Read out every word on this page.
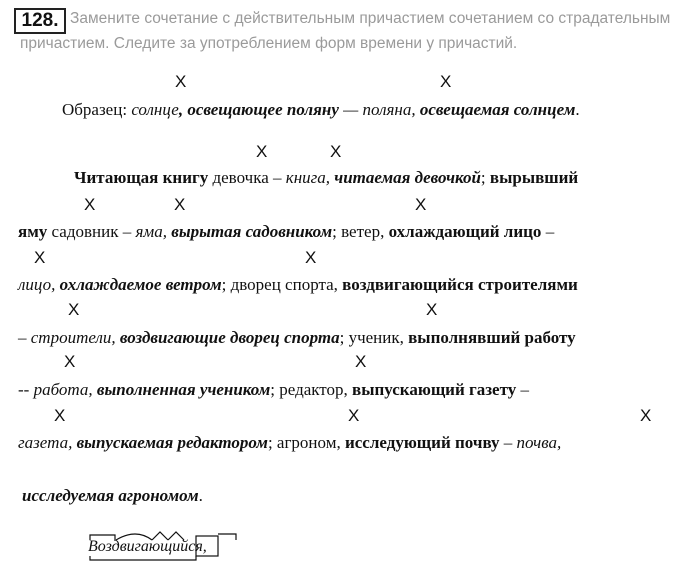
128. Замените сочетание с действительным причастием сочетанием со страдательным
причастием. Следите за употреблением форм времени у причастий.
X	X
Образец: солнце, освещающее поляну — поляна, освещаемая солнцем.
X	X
Читающая книгу девочка – книга, читаемая девочкой; вырывший
X	X	X
яму садовник – яма, вырытая садовником; ветер, охлаждающий лицо –
X	X
лицо, охлаждаемое ветром; дворец спорта, воздвигающийся строителями
X	X
– строители, воздвигающие дворец спорта; ученик, выполнявший работу
X	X
-- работа, выполненная учеником; редактор, выпускающий газету –
X	X	X
газета, выпускаемая редактором; агроном, исследующий почву – почва,
исследуемая агрономом.
Воздвигающийся,
